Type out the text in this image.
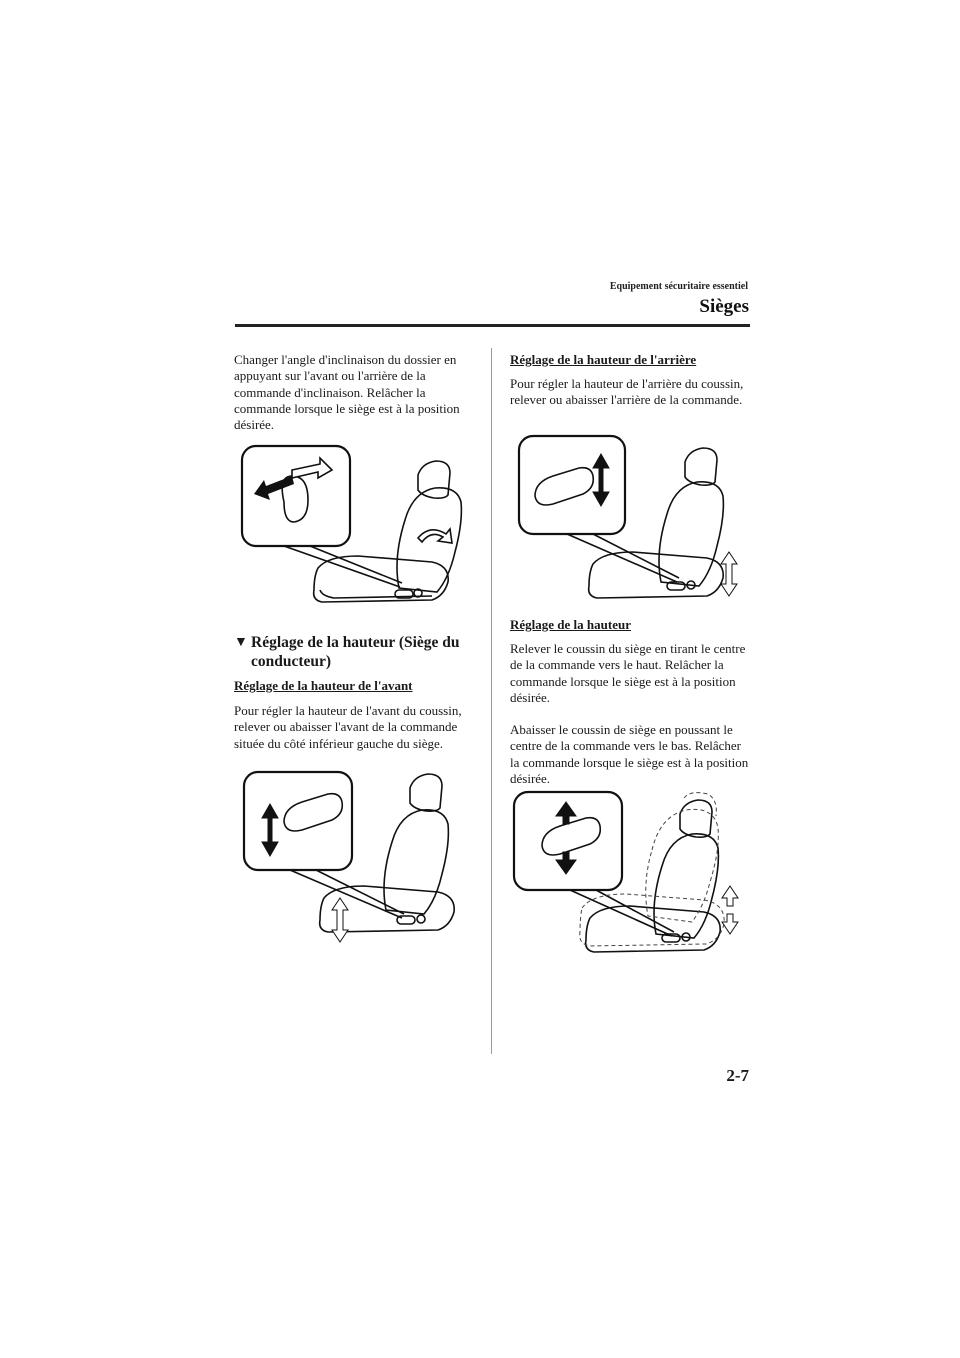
Equipement sécuritaire essentiel
Sièges

Changer l'angle d'inclinaison du dossier en appuyant sur l'avant ou l'arrière de la commande d'inclinaison. Relâcher la commande lorsque le siège est à la position désirée.

▼ Réglage de la hauteur (Siège du conducteur)
Réglage de la hauteur de l'avant

Pour régler la hauteur de l'avant du coussin, relever ou abaisser l'avant de la commande située du côté inférieur gauche du siège.

Réglage de la hauteur de l'arrière

Pour régler la hauteur de l'arrière du coussin, relever ou abaisser l'arrière de la commande.

Réglage de la hauteur

Relever le coussin du siège en tirant le centre de la commande vers le haut. Relâcher la commande lorsque le siège est à la position désirée.

Abaisser le coussin de siège en poussant le centre de la commande vers le bas. Relâcher la commande lorsque le siège est à la position désirée.

2-7
